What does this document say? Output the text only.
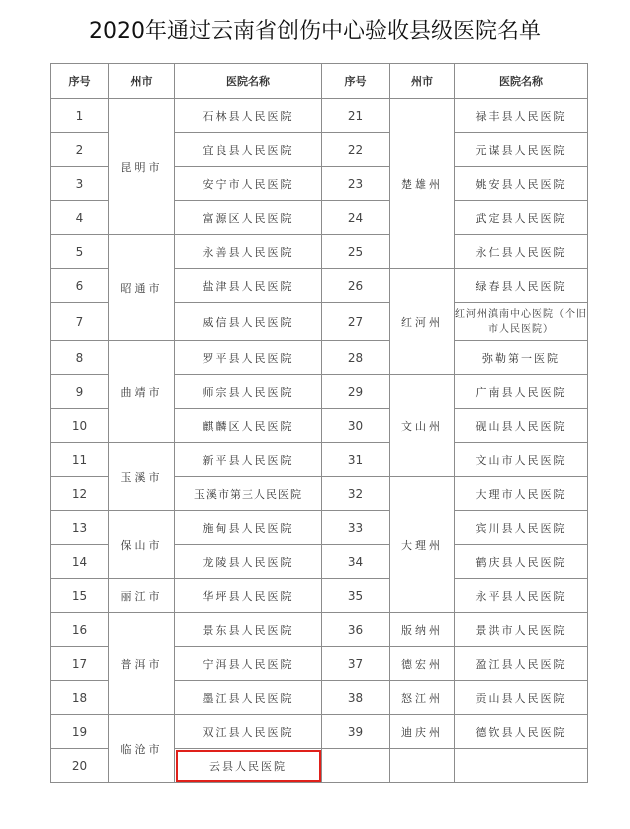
2020年通过云南省创伤中心验收县级医院名单
序号	州市	医院名称	序号	州市	医院名称
1	昆明市	石林县人民医院	21	楚雄州	禄丰县人民医院
2		宜良县人民医院	22		元谋县人民医院
3		安宁市人民医院	23		姚安县人民医院
4		富源区人民医院	24		武定县人民医院
5	昭通市	永善县人民医院	25		永仁县人民医院
6		盐津县人民医院	26	红河州	绿春县人民医院
7		威信县人民医院	27		红河州滇南中心医院（个旧市人民医院）
8	曲靖市	罗平县人民医院	28		弥勒第一医院
9		师宗县人民医院	29	文山州	广南县人民医院
10		麒麟区人民医院	30		砚山县人民医院
11	玉溪市	新平县人民医院	31		文山市人民医院
12		玉溪市第三人民医院	32	大理州	大理市人民医院
13	保山市	施甸县人民医院	33		宾川县人民医院
14		龙陵县人民医院	34		鹤庆县人民医院
15	丽江市	华坪县人民医院	35		永平县人民医院
16	普洱市	景东县人民医院	36	版纳州	景洪市人民医院
17		宁洱县人民医院	37	德宏州	盈江县人民医院
18		墨江县人民医院	38	怒江州	贡山县人民医院
19	临沧市	双江县人民医院	39	迪庆州	德钦县人民医院
20		云县人民医院			
